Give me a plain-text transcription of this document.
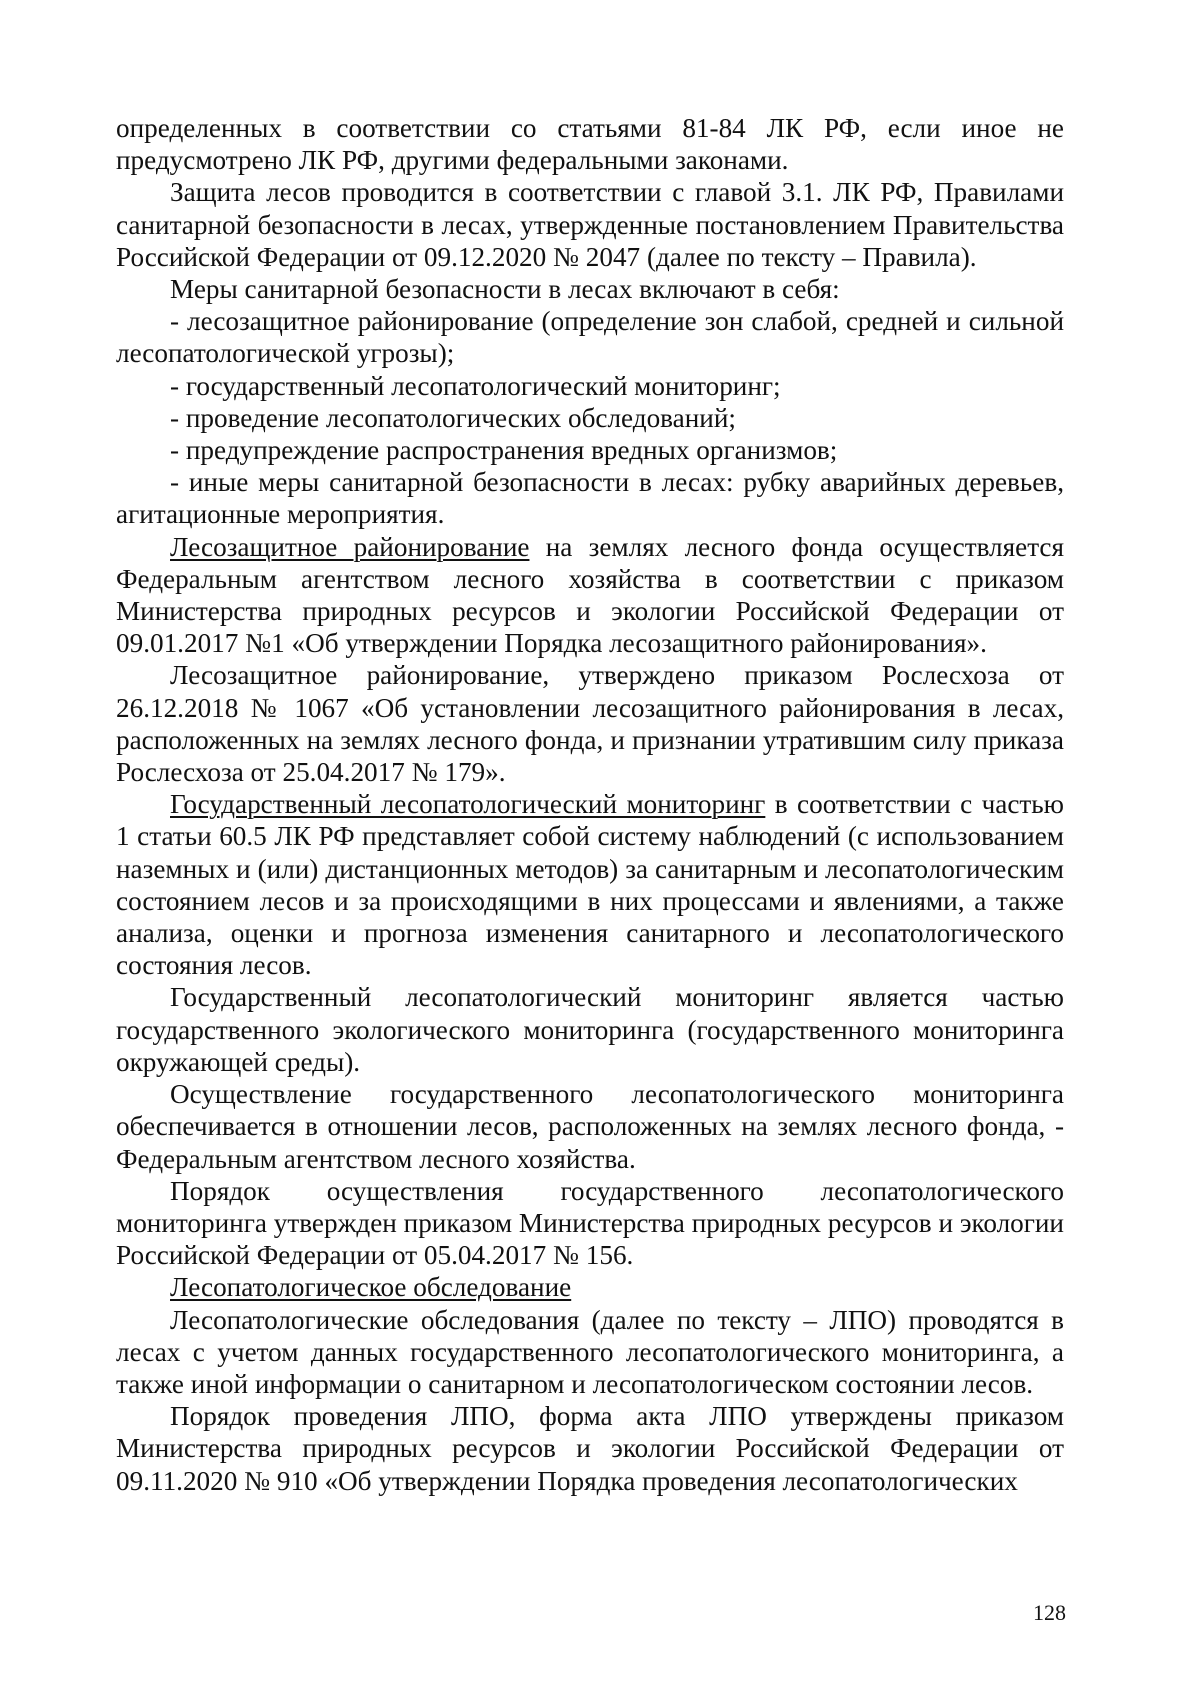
определенных в соответствии со статьями 81-84 ЛК РФ, если иное не предусмотрено ЛК РФ, другими федеральными законами.

Защита лесов проводится в соответствии с главой 3.1. ЛК РФ, Правилами санитарной безопасности в лесах, утвержденные постановлением Правительства Российской Федерации от 09.12.2020 № 2047 (далее по тексту – Правила).

Меры санитарной безопасности в лесах включают в себя:

- лесозащитное районирование (определение зон слабой, средней и сильной лесопатологической угрозы);

- государственный лесопатологический мониторинг;

- проведение лесопатологических обследований;

- предупреждение распространения вредных организмов;

- иные меры санитарной безопасности в лесах: рубку аварийных деревьев, агитационные мероприятия.

Лесозащитное районирование на землях лесного фонда осуществляется Федеральным агентством лесного хозяйства в соответствии с приказом Министерства природных ресурсов и экологии Российской Федерации от 09.01.2017 №1 «Об утверждении Порядка лесозащитного районирования».

Лесозащитное районирование, утверждено приказом Рослесхоза от 26.12.2018 № 1067 «Об установлении лесозащитного районирования в лесах, расположенных на землях лесного фонда, и признании утратившим силу приказа Рослесхоза от 25.04.2017 № 179».

Государственный лесопатологический мониторинг в соответствии с частью 1 статьи 60.5 ЛК РФ представляет собой систему наблюдений (с использованием наземных и (или) дистанционных методов) за санитарным и лесопатологическим состоянием лесов и за происходящими в них процессами и явлениями, а также анализа, оценки и прогноза изменения санитарного и лесопатологического состояния лесов.

Государственный лесопатологический мониторинг является частью государственного экологического мониторинга (государственного мониторинга окружающей среды).

Осуществление государственного лесопатологического мониторинга обеспечивается в отношении лесов, расположенных на землях лесного фонда, - Федеральным агентством лесного хозяйства.

Порядок осуществления государственного лесопатологического мониторинга утвержден приказом Министерства природных ресурсов и экологии Российской Федерации от 05.04.2017 № 156.

Лесопатологическое обследование

Лесопатологические обследования (далее по тексту – ЛПО) проводятся в лесах с учетом данных государственного лесопатологического мониторинга, а также иной информации о санитарном и лесопатологическом состоянии лесов.

Порядок проведения ЛПО, форма акта ЛПО утверждены приказом Министерства природных ресурсов и экологии Российской Федерации от 09.11.2020 № 910 «Об утверждении Порядка проведения лесопатологических

128
